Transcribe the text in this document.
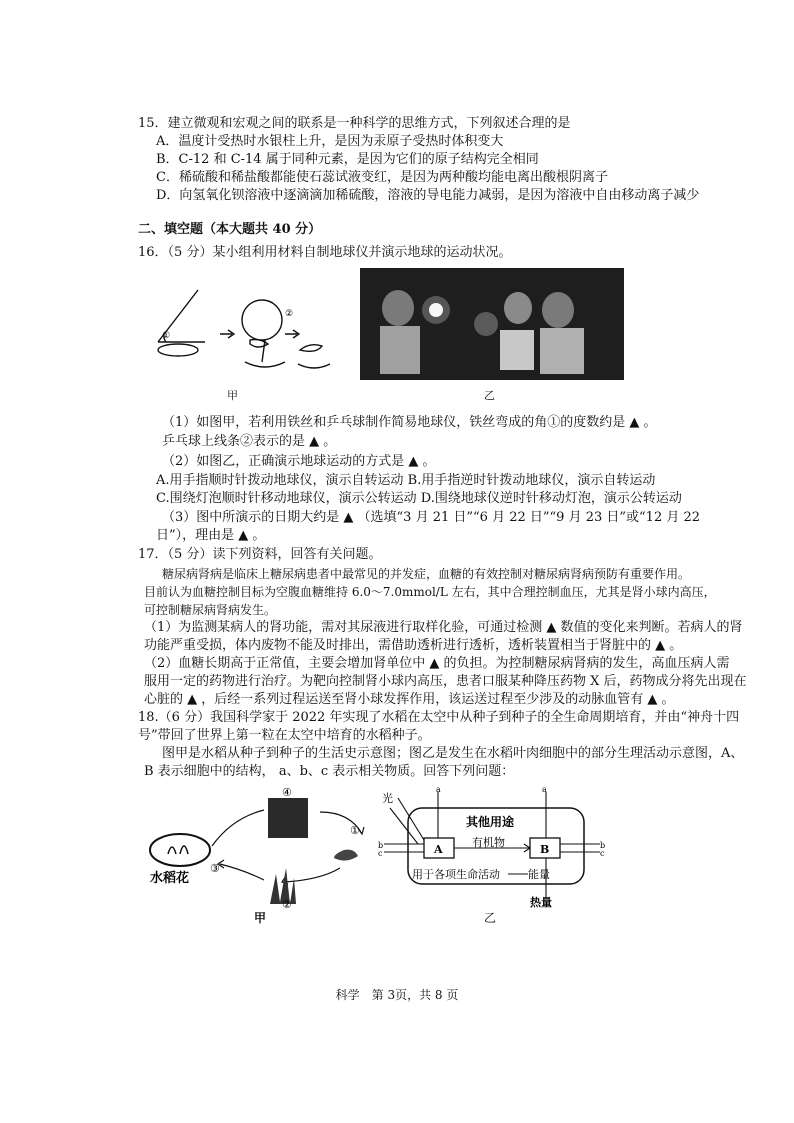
15．建立微观和宏观之间的联系是一种科学的思维方式，下列叙述合理的是
A．温度计受热时水银柱上升，是因为汞原子受热时体积变大
B．C-12 和 C-14 属于同种元素，是因为它们的原子结构完全相同
C．稀硫酸和稀盐酸都能使石蕊试液变红，是因为两种酸均能电离出酸根阴离子
D．向氢氧化钡溶液中逐滴滴加稀硫酸，溶液的导电能力减弱，是因为溶液中自由移动离子减少
二、填空题（本大题共 40 分）
16．（5 分）某小组利用材料自制地球仪并演示地球的运动状况。
①
②
甲	乙
（1）如图甲，若利用铁丝和乒乓球制作简易地球仪，铁丝弯成的角①的度数约是 ▲ 。
乒乓球上线条②表示的是 ▲ 。
（2）如图乙，正确演示地球运动的方式是 ▲ 。
A.用手指顺时针拨动地球仪，演示自转运动 B.用手指逆时针拨动地球仪，演示自转运动
C.围绕灯泡顺时针移动地球仪，演示公转运动 D.围绕地球仪逆时针移动灯泡，演示公转运动
（3）图中所演示的日期大约是 ▲ （选填“3 月 21 日”“6 月 22 日”“9 月 23 日”或“12 月 22
日”），理由是 ▲ 。
17．（5 分）读下列资料，回答有关问题。
糖尿病肾病是临床上糖尿病患者中最常见的并发症，血糖的有效控制对糖尿病肾病预防有重要作用。
目前认为血糖控制目标为空腹血糖维持 6.0～7.0mmol/L 左右，其中合理控制血压，尤其是肾小球内高压，
可控制糖尿病肾病发生。
（1）为监测某病人的肾功能，需对其尿液进行取样化验，可通过检测 ▲ 数值的变化来判断。若病人的肾
功能严重受损，体内废物不能及时排出，需借助透析进行透析，透析装置相当于肾脏中的 ▲ 。
（2）血糖长期高于正常值，主要会增加肾单位中 ▲ 的负担。为控制糖尿病肾病的发生，高血压病人需
服用一定的药物进行治疗。为靶向控制肾小球内高压，患者口服某种降压药物 X 后，药物成分将先出现在
心脏的 ▲ ，后经一系列过程运送至肾小球发挥作用，该运送过程至少涉及的动脉血管有 ▲ 。
18.（6 分）我国科学家于 2022 年实现了水稻在太空中从种子到种子的全生命周期培育，并由“神舟十四
号”带回了世界上第一粒在太空中培育的水稻种子。
图甲是水稻从种子到种子的生活史示意图；图乙是发生在水稻叶肉细胞中的部分生理活动示意图，A、
B 表示细胞中的结构， a、b、c 表示相关物质。回答下列问题：
水稻花
①
②
③
④
甲
光
a	a
b
c
b
c
其他用途
A	B
有机物
用于各项生命活动	能量
热量
乙
科学　第 3页，共 8 页
